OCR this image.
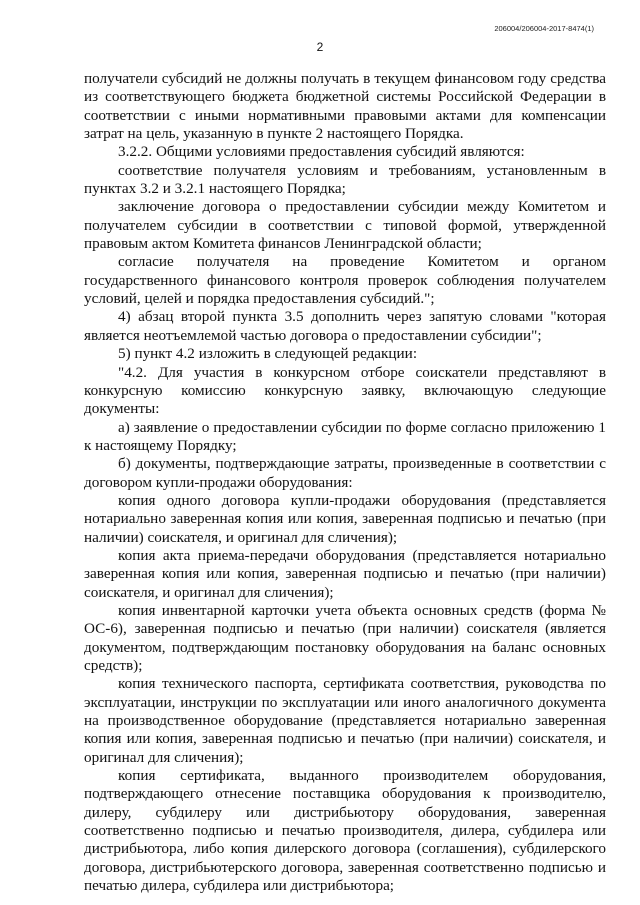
206004/206004-2017-8474(1)
2

получатели субсидий не должны получать в текущем финансовом году средства из соответствующего бюджета бюджетной системы Российской Федерации в соответствии с иными нормативными правовыми актами для компенсации затрат на цель, указанную в пункте 2 настоящего Порядка.

3.2.2. Общими условиями предоставления субсидий являются:

соответствие получателя условиям и требованиям, установленным в пунктах 3.2 и 3.2.1 настоящего Порядка;

заключение договора о предоставлении субсидии между Комитетом и получателем субсидии в соответствии с типовой формой, утвержденной правовым актом Комитета финансов Ленинградской области;

согласие получателя на проведение Комитетом и органом государственного финансового контроля проверок соблюдения получателем условий, целей и порядка предоставления субсидий.";

4) абзац второй пункта 3.5 дополнить через запятую словами "которая является неотъемлемой частью договора о предоставлении субсидии";

5) пункт 4.2 изложить в следующей редакции:

"4.2. Для участия в конкурсном отборе соискатели представляют в конкурсную комиссию конкурсную заявку, включающую следующие документы:

а) заявление о предоставлении субсидии по форме согласно приложению 1 к настоящему Порядку;

б) документы, подтверждающие затраты, произведенные в соответствии с договором купли-продажи оборудования:

копия одного договора купли-продажи оборудования (представляется нотариально заверенная копия или копия, заверенная подписью и печатью (при наличии) соискателя, и оригинал для сличения);

копия акта приема-передачи оборудования (представляется нотариально заверенная копия или копия, заверенная подписью и печатью (при наличии) соискателя, и оригинал для сличения);

копия инвентарной карточки учета объекта основных средств (форма № ОС-6), заверенная подписью и печатью (при наличии) соискателя (является документом, подтверждающим постановку оборудования на баланс основных средств);

копия технического паспорта, сертификата соответствия, руководства по эксплуатации, инструкции по эксплуатации или иного аналогичного документа на производственное оборудование (представляется нотариально заверенная копия или копия, заверенная подписью и печатью (при наличии) соискателя, и оригинал для сличения);

копия сертификата, выданного производителем оборудования, подтверждающего отнесение поставщика оборудования к производителю, дилеру, субдилеру или дистрибьютору оборудования, заверенная соответственно подписью и печатью производителя, дилера, субдилера или дистрибьютора, либо копия дилерского договора (соглашения), субдилерского договора, дистрибьютерского договора, заверенная соответственно подписью и печатью дилера, субдилера или дистрибьютора;
